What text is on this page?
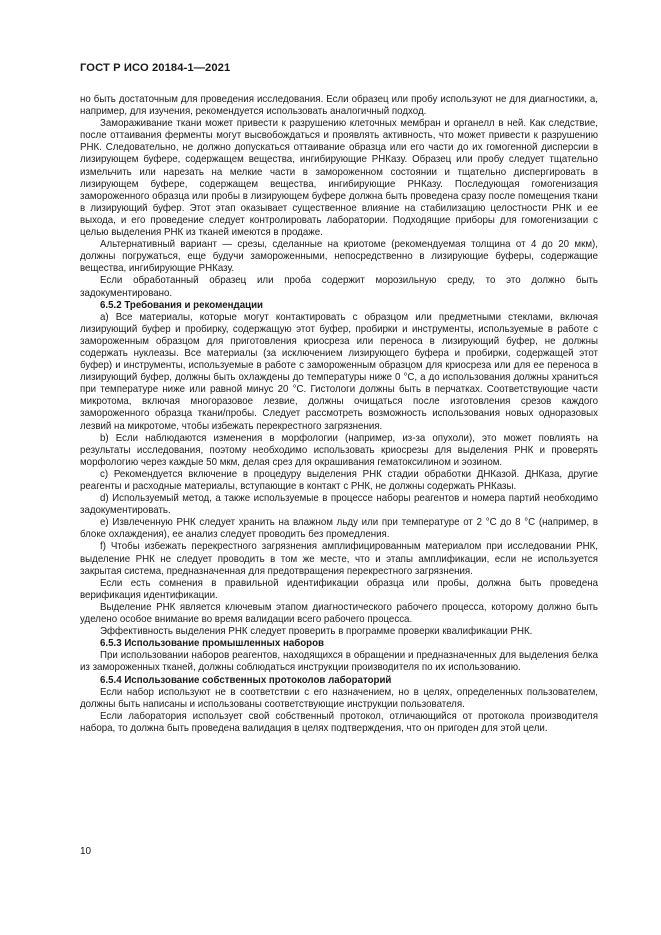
ГОСТ Р ИСО 20184-1—2021

но быть достаточным для проведения исследования. Если образец или пробу используют не для диагностики, а, например, для изучения, рекомендуется использовать аналогичный подход.

Замораживание ткани может привести к разрушению клеточных мембран и органелл в ней. Как следствие, после оттаивания ферменты могут высвобождаться и проявлять активность, что может привести к разрушению РНК. Следовательно, не должно допускаться оттаивание образца или его части до их гомогенной дисперсии в лизирующем буфере, содержащем вещества, ингибирующие РНКазу. Образец или пробу следует тщательно измельчить или нарезать на мелкие части в замороженном состоянии и тщательно диспергировать в лизирующем буфере, содержащем вещества, ингибирующие РНКазу. Последующая гомогенизация замороженного образца или пробы в лизирующем буфере должна быть проведена сразу после помещения ткани в лизирующий буфер. Этот этап оказывает существенное влияние на стабилизацию целостности РНК и ее выхода, и его проведение следует контролировать лаборатории. Подходящие приборы для гомогенизации с целью выделения РНК из тканей имеются в продаже.

Альтернативный вариант — срезы, сделанные на криотоме (рекомендуемая толщина от 4 до 20 мкм), должны погружаться, еще будучи замороженными, непосредственно в лизирующие буферы, содержащие вещества, ингибирующие РНКазу.

Если обработанный образец или проба содержит морозильную среду, то это должно быть задокументировано.

6.5.2 Требования и рекомендации

a) Все материалы, которые могут контактировать с образцом или предметными стеклами, включая лизирующий буфер и пробирку, содержащую этот буфер, пробирки и инструменты, используемые в работе с замороженным образцом для приготовления криосреза или переноса в лизирующий буфер, не должны содержать нуклеазы. Все материалы (за исключением лизирующего буфера и пробирки, содержащей этот буфер) и инструменты, используемые в работе с замороженным образцом для криосреза или для ее переноса в лизирующий буфер, должны быть охлаждены до температуры ниже 0 °С, а до использования должны храниться при температуре ниже или равной минус 20 °С. Гистологи должны быть в перчатках. Соответствующие части микротома, включая многоразовое лезвие, должны очищаться после изготовления срезов каждого замороженного образца ткани/пробы. Следует рассмотреть возможность использования новых одноразовых лезвий на микротоме, чтобы избежать перекрестного загрязнения.

b) Если наблюдаются изменения в морфологии (например, из-за опухоли), это может повлиять на результаты исследования, поэтому необходимо использовать криосрезы для выделения РНК и проверять морфологию через каждые 50 мкм, делая срез для окрашивания гематоксилином и эозином.

c) Рекомендуется включение в процедуру выделения РНК стадии обработки ДНКазой. ДНКаза, другие реагенты и расходные материалы, вступающие в контакт с РНК, не должны содержать РНКазы.

d) Используемый метод, а также используемые в процессе наборы реагентов и номера партий необходимо задокументировать.

e) Извлеченную РНК следует хранить на влажном льду или при температуре от 2 °С до 8 °С (например, в блоке охлаждения), ее анализ следует проводить без промедления.

f) Чтобы избежать перекрестного загрязнения амплифицированным материалом при исследовании РНК, выделение РНК не следует проводить в том же месте, что и этапы амплификации, если не используется закрытая система, предназначенная для предотвращения перекрестного загрязнения.

Если есть сомнения в правильной идентификации образца или пробы, должна быть проведена верификация идентификации.

Выделение РНК является ключевым этапом диагностического рабочего процесса, которому должно быть уделено особое внимание во время валидации всего рабочего процесса.

Эффективность выделения РНК следует проверить в программе проверки квалификации РНК.

6.5.3 Использование промышленных наборов

При использовании наборов реагентов, находящихся в обращении и предназначенных для выделения белка из замороженных тканей, должны соблюдаться инструкции производителя по их использованию.

6.5.4 Использование собственных протоколов лабораторий

Если набор используют не в соответствии с его назначением, но в целях, определенных пользователем, должны быть написаны и использованы соответствующие инструкции пользователя.

Если лаборатория использует свой собственный протокол, отличающийся от протокола производителя набора, то должна быть проведена валидация в целях подтверждения, что он пригоден для этой цели.

10
